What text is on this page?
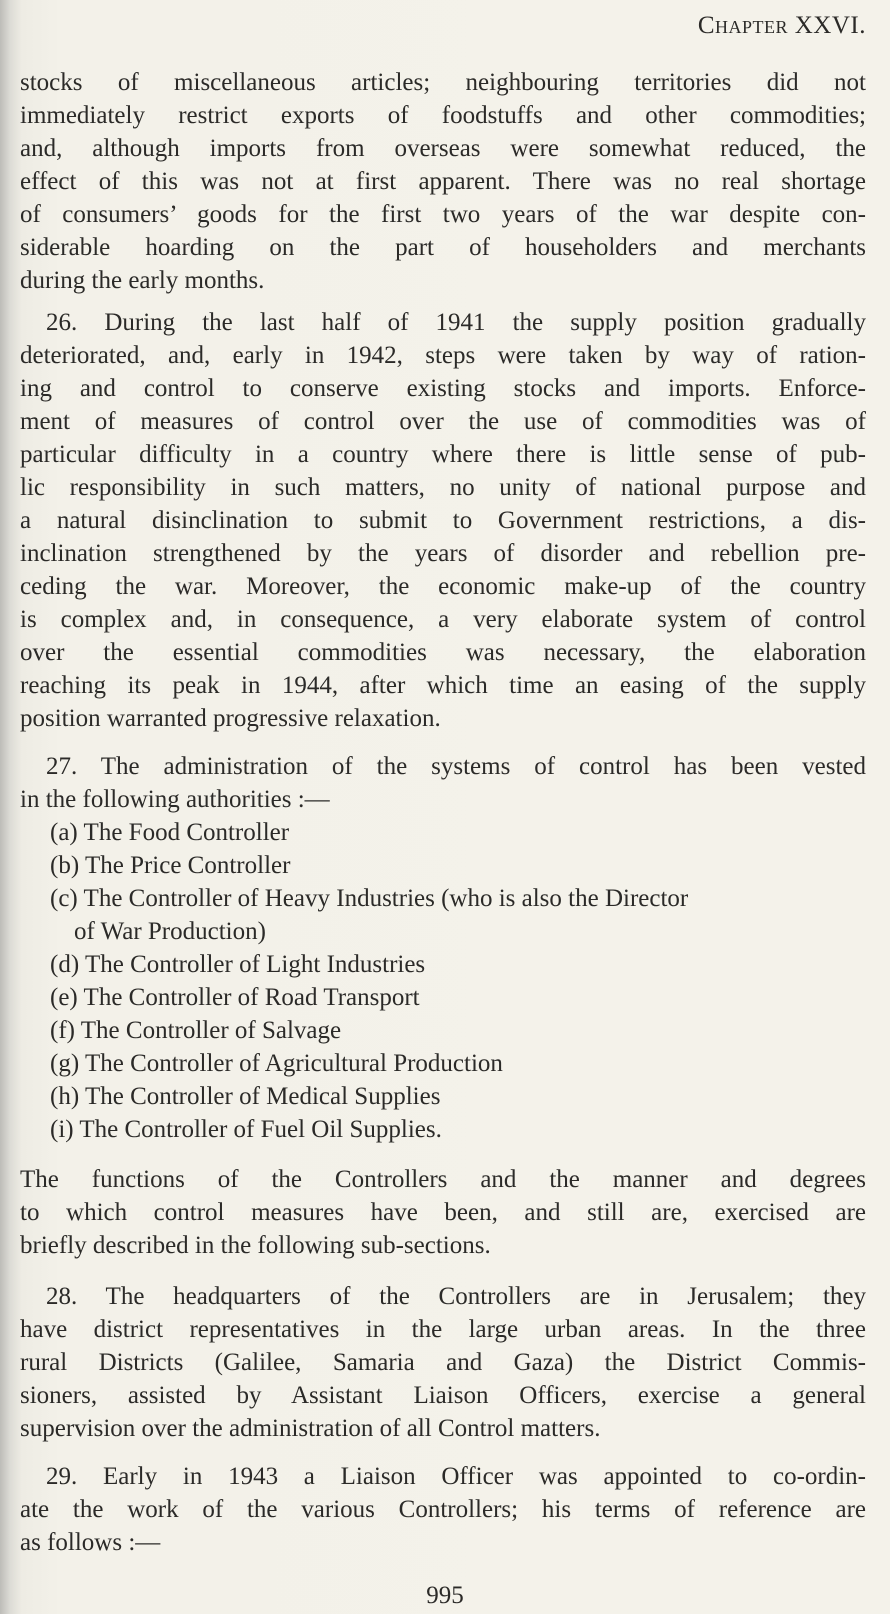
Chapter XXVI.
stocks of miscellaneous articles; neighbouring territories did not
immediately restrict exports of foodstuffs and other commodities;
and, although imports from overseas were somewhat reduced, the
effect of this was not at first apparent. There was no real shortage
of consumers’ goods for the first two years of the war despite con-
siderable hoarding on the part of householders and merchants
during the early months.
26. During the last half of 1941 the supply position gradually
deteriorated, and, early in 1942, steps were taken by way of ration-
ing and control to conserve existing stocks and imports. Enforce-
ment of measures of control over the use of commodities was of
particular difficulty in a country where there is little sense of pub-
lic responsibility in such matters, no unity of national purpose and
a natural disinclination to submit to Government restrictions, a dis-
inclination strengthened by the years of disorder and rebellion pre-
ceding the war. Moreover, the economic make-up of the country
is complex and, in consequence, a very elaborate system of control
over the essential commodities was necessary, the elaboration
reaching its peak in 1944, after which time an easing of the supply
position warranted progressive relaxation.
27. The administration of the systems of control has been vested
in the following authorities :—
(a) The Food Controller
(b) The Price Controller
(c) The Controller of Heavy Industries (who is also the Director
of War Production)
(d) The Controller of Light Industries
(e) The Controller of Road Transport
(f) The Controller of Salvage
(g) The Controller of Agricultural Production
(h) The Controller of Medical Supplies
(i) The Controller of Fuel Oil Supplies.
The functions of the Controllers and the manner and degrees
to which control measures have been, and still are, exercised are
briefly described in the following sub-sections.
28. The headquarters of the Controllers are in Jerusalem; they
have district representatives in the large urban areas. In the three
rural Districts (Galilee, Samaria and Gaza) the District Commis-
sioners, assisted by Assistant Liaison Officers, exercise a general
supervision over the administration of all Control matters.
29. Early in 1943 a Liaison Officer was appointed to co-ordin-
ate the work of the various Controllers; his terms of reference are
as follows :—
995
